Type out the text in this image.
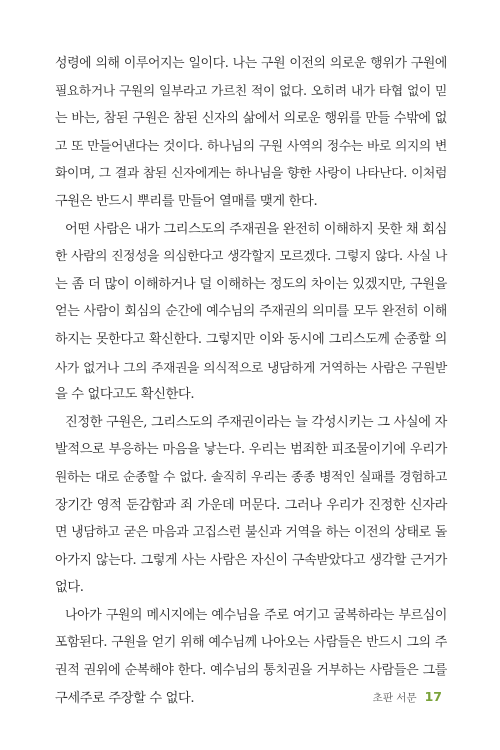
성령에 의해 이루어지는 일이다. 나는 구원 이전의 의로운 행위가 구원에
필요하거나 구원의 일부라고 가르친 적이 없다. 오히려 내가 타협 없이 믿
는 바는, 참된 구원은 참된 신자의 삶에서 의로운 행위를 만들 수밖에 없
고 또 만들어낸다는 것이다. 하나님의 구원 사역의 정수는 바로 의지의 변
화이며, 그 결과 참된 신자에게는 하나님을 향한 사랑이 나타난다. 이처럼
구원은 반드시 뿌리를 만들어 열매를 맺게 한다.

어떤 사람은 내가 그리스도의 주재권을 완전히 이해하지 못한 채 회심
한 사람의 진정성을 의심한다고 생각할지 모르겠다. 그렇지 않다. 사실 나
는 좀 더 많이 이해하거나 덜 이해하는 정도의 차이는 있겠지만, 구원을
얻는 사람이 회심의 순간에 예수님의 주재권의 의미를 모두 완전히 이해
하지는 못한다고 확신한다. 그렇지만 이와 동시에 그리스도께 순종할 의
사가 없거나 그의 주재권을 의식적으로 냉담하게 거역하는 사람은 구원받
을 수 없다고도 확신한다.

진정한 구원은, 그리스도의 주재권이라는 늘 각성시키는 그 사실에 자
발적으로 부응하는 마음을 낳는다. 우리는 범죄한 피조물이기에 우리가
원하는 대로 순종할 수 없다. 솔직히 우리는 종종 병적인 실패를 경험하고
장기간 영적 둔감함과 죄 가운데 머문다. 그러나 우리가 진정한 신자라
면 냉담하고 굳은 마음과 고집스런 불신과 거역을 하는 이전의 상태로 돌
아가지 않는다. 그렇게 사는 사람은 자신이 구속받았다고 생각할 근거가
없다.

나아가 구원의 메시지에는 예수님을 주로 여기고 굴복하라는 부르심이
포함된다. 구원을 얻기 위해 예수님께 나아오는 사람들은 반드시 그의 주
권적 권위에 순복해야 한다. 예수님의 통치권을 거부하는 사람들은 그를
구세주로 주장할 수 없다.	초판 서문 17
